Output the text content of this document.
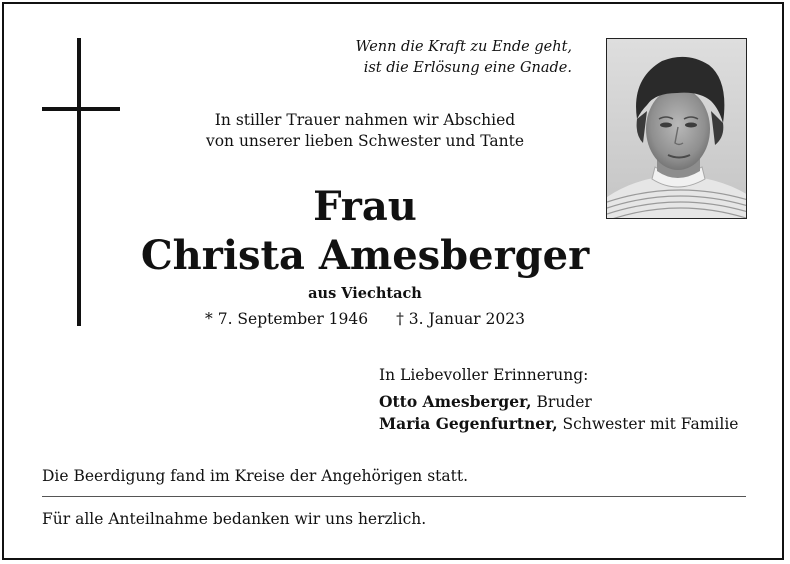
Wenn die Kraft zu Ende geht,
ist die Erlösung eine Gnade.
In stiller Trauer nahmen wir Abschied
von unserer lieben Schwester und Tante
Frau
Christa Amesberger
aus Viechtach
* 7. September 1946 † 3. Januar 2023
In Liebevoller Erinnerung:
Otto Amesberger, Bruder
Maria Gegenfurtner, Schwester mit Familie
Die Beerdigung fand im Kreise der Angehörigen statt.
Für alle Anteilnahme bedanken wir uns herzlich.
